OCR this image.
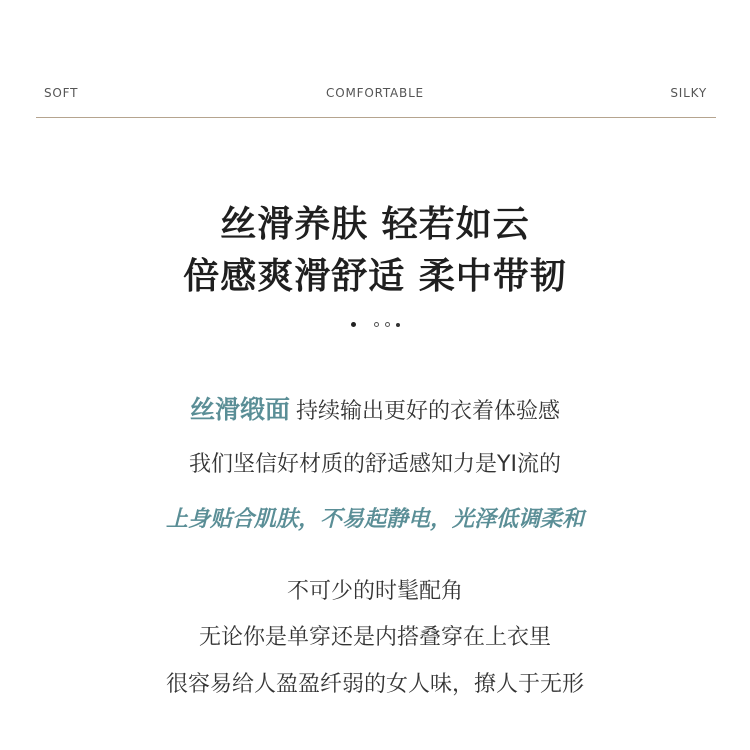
SOFT	COMFORTABLE	SILKY
丝滑养肤 轻若如云
倍感爽滑舒适 柔中带韧

丝滑缎面 持续输出更好的衣着体验感
我们坚信好材质的舒适感知力是YI流的
上身贴合肌肤，不易起静电，光泽低调柔和
不可少的时髦配角
无论你是单穿还是内搭叠穿在上衣里
很容易给人盈盈纤弱的女人味，撩人于无形
